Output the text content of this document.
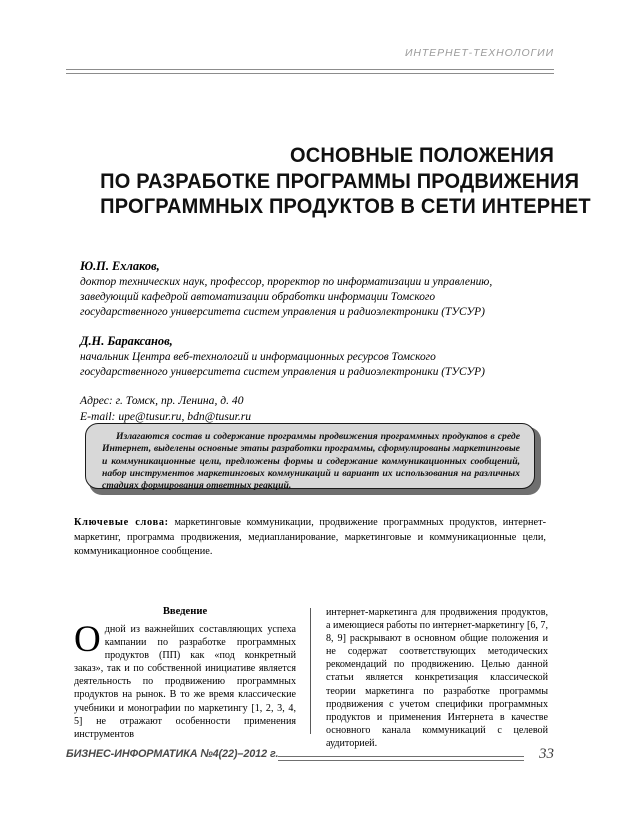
ИНТЕРНЕТ-ТЕХНОЛОГИИ
ОСНОВНЫЕ ПОЛОЖЕНИЯ
ПО РАЗРАБОТКЕ ПРОГРАММЫ ПРОДВИЖЕНИЯ
ПРОГРАММНЫХ ПРОДУКТОВ В СЕТИ ИНТЕРНЕТ
Ю.П. Ехлаков,
доктор технических наук, профессор, проректор по информатизации и управлению,
заведующий кафедрой автоматизации обработки информации Томского
государственного университета систем управления и радиоэлектроники (ТУСУР)
Д.Н. Бараксанов,
начальник Центра веб-технологий и информационных ресурсов Томского
государственного университета систем управления и радиоэлектроники (ТУСУР)
Адрес: г. Томск, пр. Ленина, д. 40
E-mail: upe@tusur.ru, bdn@tusur.ru
Излагаются состав и содержание программы продвижения программных продуктов в среде Интернет, выделены основные этапы разработки программы, сформулированы маркетинговые и коммуникационные цели, предложены формы и содержание коммуникационных сообщений, набор инструментов маркетинговых коммуникаций и вариант их использования на различных стадиях формирования ответных реакций.
Ключевые слова: маркетинговые коммуникации, продвижение программных продуктов, интернет-маркетинг, программа продвижения, медиапланирование, маркетинговые и коммуникационные цели, коммуникационное сообщение.
Введение
Одной из важнейших составляющих успеха кампании по разработке программных продуктов (ПП) как «под конкретный заказ», так и по собственной инициативе является деятельность по продвижению программных продуктов на рынок. В то же время классические учебники и монографии по маркетингу [1, 2, 3, 4, 5] не отражают особенности применения инструментов
интернет-маркетинга для продвижения продуктов, а имеющиеся работы по интернет-маркетингу [6, 7, 8, 9] раскрывают в основном общие положения и не содержат соответствующих методических рекомендаций по продвижению. Целью данной статьи является конкретизация классической теории маркетинга по разработке программы продвижения с учетом специфики программных продуктов и применения Интернета в качестве основного канала коммуникаций с целевой аудиторией.
БИЗНЕС-ИНФОРМАТИКА №4(22)–2012 г.	33
